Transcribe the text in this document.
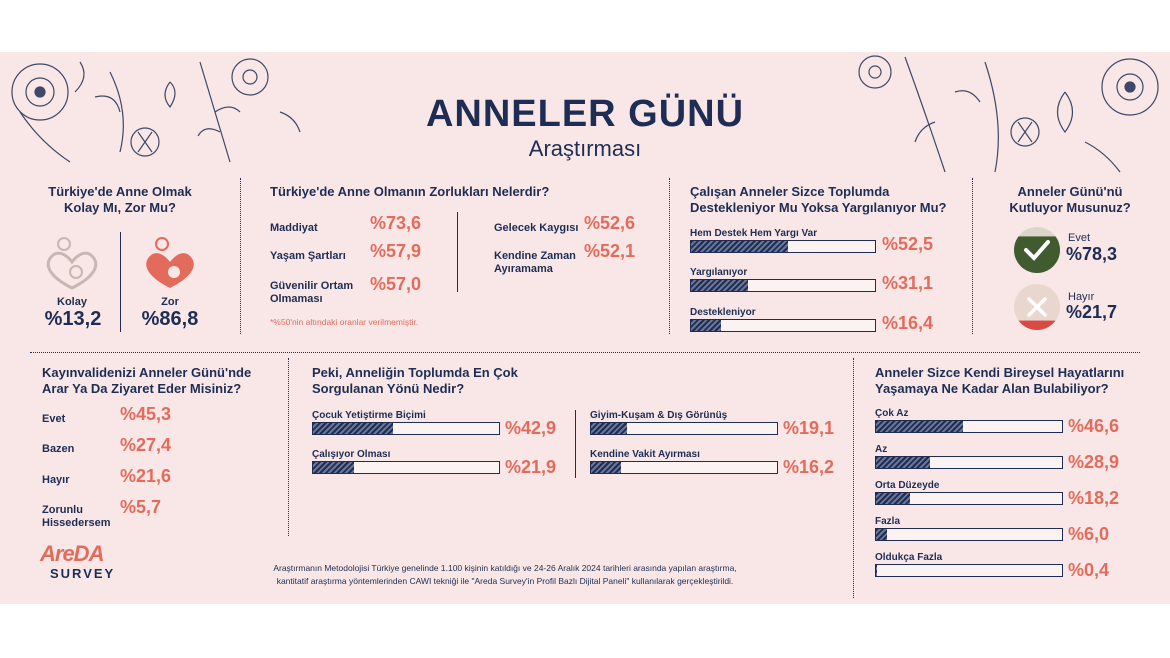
ANNELER GÜNÜ
Araştırması
Türkiye'de Anne Olmak Kolay Mı, Zor Mu?
Kolay
%13,2
Zor
%86,8
Türkiye'de Anne Olmanın Zorlukları Nelerdir?
Maddiyat	%73,6
Yaşam Şartları	%57,9
Güvenilir Ortam Olmaması
%57,0
Gelecek Kaygısı %52,6
Kendine Zaman Ayıramama
%52,1
*%50'nin altındaki oranlar verilmemiştir.
Çalışan Anneler Sizce Toplumda Destekleniyor Mu Yoksa Yargılanıyor Mu?
Hem Destek Hem Yargı Var
%52,5
Yargılanıyor
%31,1
Destekleniyor
%16,4
Anneler Günü'nü Kutluyor Musunuz?
Evet
%78,3
Hayır
%21,7
Kayınvalidenizi Anneler Günü'nde Arar Ya Da Ziyaret Eder Misiniz?
Evet	%45,3
Bazen	%27,4
Hayır	%21,6
Zorunlu Hissedersem
%5,7
Peki, Anneliğin Toplumda En Çok Sorgulanan Yönü Nedir?
Çocuk Yetiştirme Biçimi
%42,9
Çalışıyor Olması
%21,9
Giyim-Kuşam & Dış Görünüş
%19,1
Kendine Vakit Ayırması
%16,2
Anneler Sizce Kendi Bireysel Hayatlarını Yaşamaya Ne Kadar Alan Bulabiliyor?
Çok Az
%46,6
Az
%28,9
Orta Düzeyde
%18,2
Fazla
%6,0
Oldukça Fazla
%0,4
AreDA
SURVEY	Araştırmanın Metodolojisi Türkiye genelinde 1.100 kişinin katıldığı ve 24-26 Aralık 2024 tarihleri arasında yapılan araştırma,
kantitatif araştırma yöntemlerinden CAWI tekniği ile "Areda Survey'in Profil Bazlı Dijital Paneli" kullanılarak gerçekleştirildi.
